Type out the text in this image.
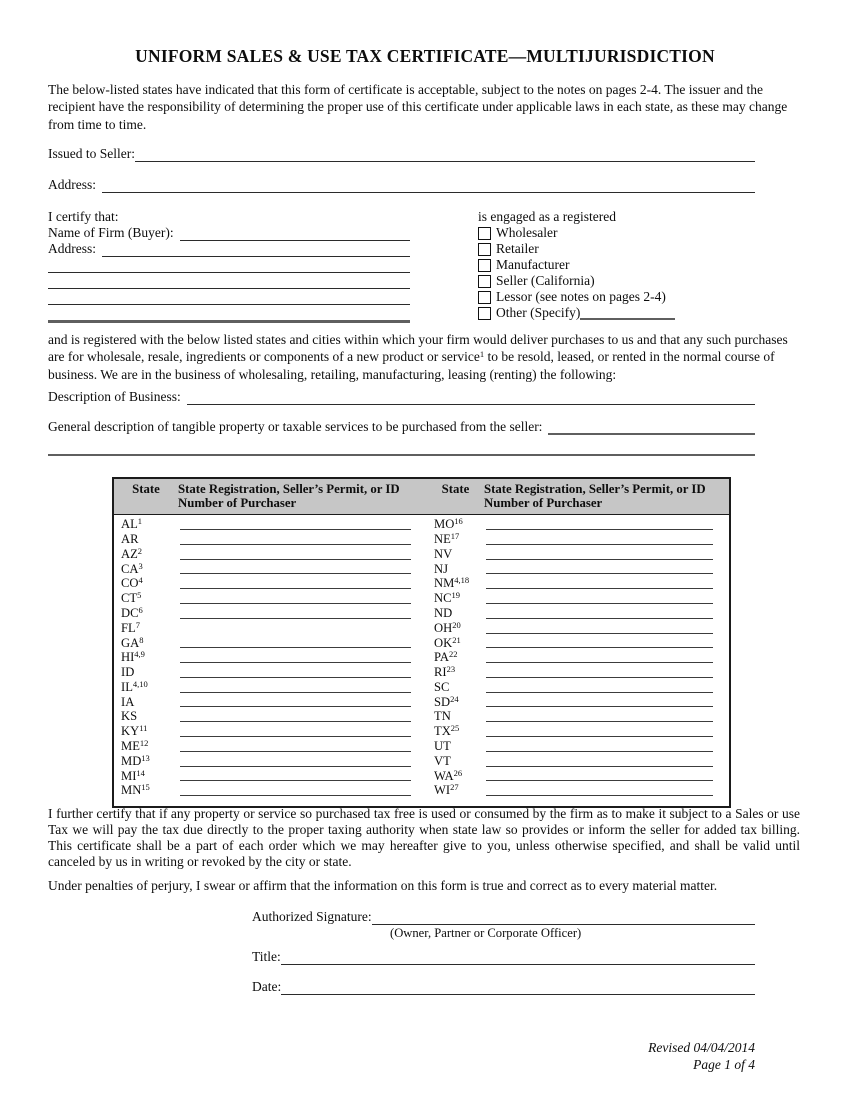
UNIFORM SALES & USE TAX CERTIFICATE—MULTIJURISDICTION
The below-listed states have indicated that this form of certificate is acceptable, subject to the notes on pages 2-4. The issuer and the recipient have the responsibility of determining the proper use of this certificate under applicable laws in each state, as these may change from time to time.
Issued to Seller:
Address:
I certify that:
Name of Firm (Buyer):
Address:
is engaged as a registered
Wholesaler
Retailer
Manufacturer
Seller (California)
Lessor (see notes on pages 2-4)
Other (Specify)
and is registered with the below listed states and cities within which your firm would deliver purchases to us and that any such purchases are for wholesale, resale, ingredients or components of a new product or service$^1$ to be resold, leased, or rented in the normal course of business. We are in the business of wholesaling, retailing, manufacturing, leasing (renting) the following:
Description of Business:
General description of tangible property or taxable services to be purchased from the seller:
State	State Registration, Seller’s Permit, or ID
Number of Purchaser
State	State Registration, Seller’s Permit, or ID
Number of Purchaser
$AL^1$	MO$^{16}$
AR	NE$^{17}$
$AZ^2$	NV
$CA^3$	NJ
$CO^4$	NM$^{4,18}$
$CT^5$	NC$^{19}$
$DC^6$	ND
$FL^7$	OH$^{20}$
$GA^8$	OK$^{21}$
HI$^{4,9}$	PA$^{22}$
ID	RI$^{23}$
IL$^{4,10}$	SC
IA	SD$^{24}$
KS	TN
KY$^{11}$	TX$^{25}$
ME$^{12}$	UT
MD$^{13}$	VT
MI$^{14}$	WA$^{26}$
MN$^{15}$	WI$^{27}$
I further certify that if any property or service so purchased tax free is used or consumed by the firm as to make it subject to a Sales or use Tax we will pay the tax due directly to the proper taxing authority when state law so provides or inform the seller for added tax billing. This certificate shall be a part of each order which we may hereafter give to you, unless otherwise specified, and shall be valid until canceled by us in writing or revoked by the city or state.
Under penalties of perjury, I swear or affirm that the information on this form is true and correct as to every material matter.
Authorized Signature:
(Owner, Partner or Corporate Officer)
Title:
Date:
Revised 04/04/2014
Page 1 of 4
